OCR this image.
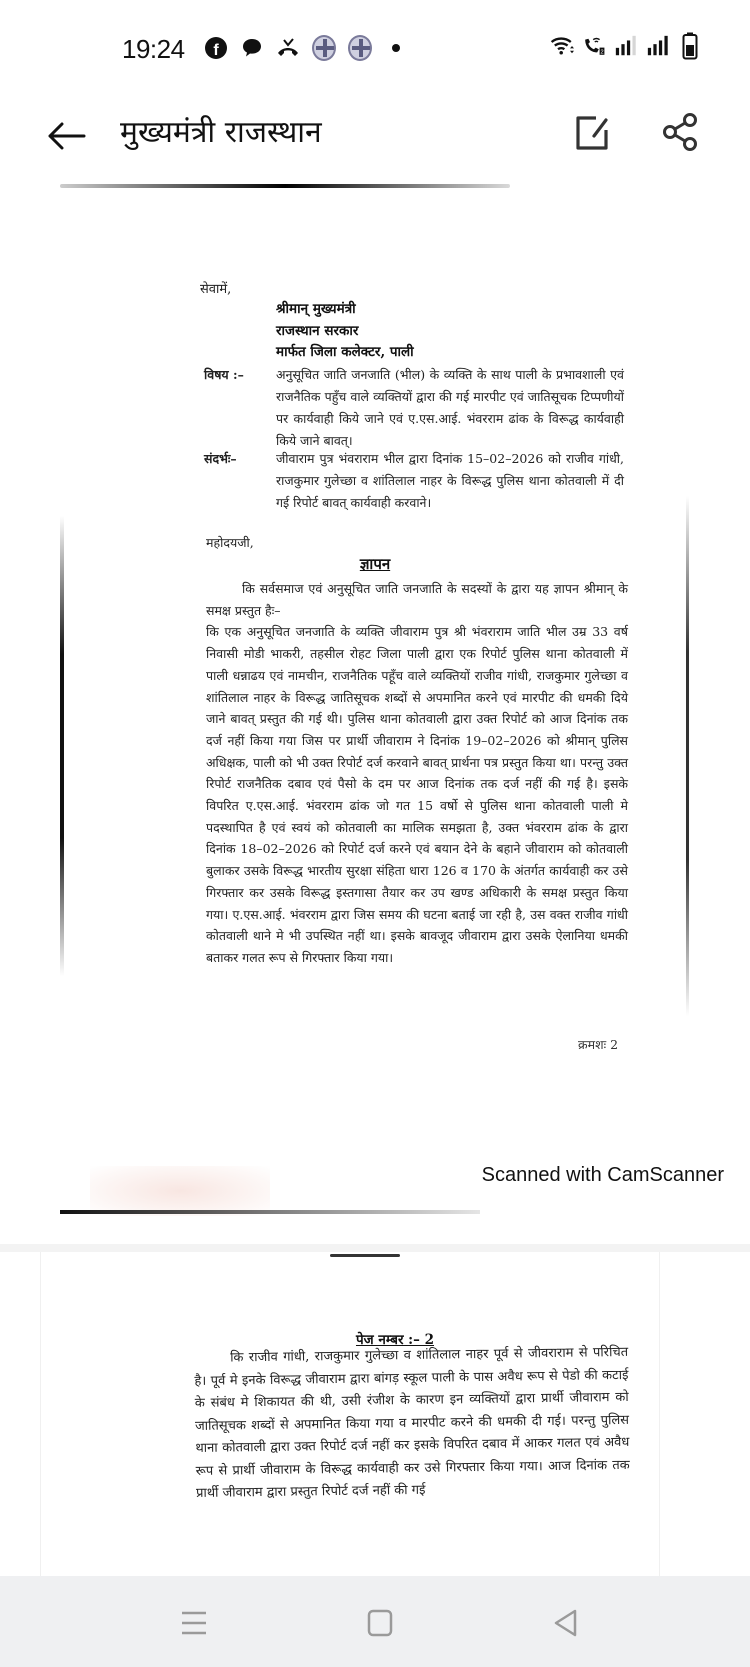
19:24	f	2
मुख्यमंत्री राजस्थान
सेवामें,
श्रीमान् मुख्यमंत्री
राजस्थान सरकार
मार्फत जिला कलेक्टर, पाली
विषय :–	अनुसूचित जाति जनजाति (भील) के व्यक्ति के साथ पाली के प्रभावशाली एवं राजनैतिक पहुँच वाले व्यक्तियों द्वारा की गई मारपीट एवं जातिसूचक टिप्पणीयों पर कार्यवाही किये जाने एवं ए.एस.आई. भंवरराम ढांक के विरूद्ध कार्यवाही किये जाने बावत्।
संदर्भः–	जीवाराम पुत्र भंवराराम भील द्वारा दिनांक 15–02–2026 को राजीव गांधी, राजकुमार गुलेच्छा व शांतिलाल नाहर के विरूद्ध पुलिस थाना कोतवाली में दी गई रिपोर्ट बावत् कार्यवाही करवाने।
महोदयजी,
ज्ञापन

कि सर्वसमाज एवं अनुसूचित जाति जनजाति के सदस्यों के द्वारा यह ज्ञापन श्रीमान् के समक्ष प्रस्तुत हैः–

कि एक अनुसूचित जनजाति के व्यक्ति जीवाराम पुत्र श्री भंवराराम जाति भील उम्र 33 वर्ष निवासी मोडी भाकरी, तहसील रोहट जिला पाली द्वारा एक रिपोर्ट पुलिस थाना कोतवाली में पाली धन्नाढय एवं नामचीन, राजनैतिक पहूँच वाले व्यक्तियों राजीव गांधी, राजकुमार गुलेच्छा व शांतिलाल नाहर के विरूद्ध जातिसूचक शब्दों से अपमानित करने एवं मारपीट की धमकी दिये जाने बावत् प्रस्तुत की गई थी। पुलिस थाना कोतवाली द्वारा उक्त रिपोर्ट को आज दिनांक तक दर्ज नहीं किया गया जिस पर प्रार्थी जीवाराम ने दिनांक 19–02–2026 को श्रीमान् पुलिस अधिक्षक, पाली को भी उक्त रिपोर्ट दर्ज करवाने बावत् प्रार्थना पत्र प्रस्तुत किया था। परन्तु उक्त रिपोर्ट राजनैतिक दबाव एवं पैसो के दम पर आज दिनांक तक दर्ज नहीं की गई है। इसके विपरित ए.एस.आई. भंवरराम ढांक जो गत 15 वर्षो से पुलिस थाना कोतवाली पाली मे पदस्थापित है एवं स्वयं को कोतवाली का मालिक समझता है, उक्त भंवरराम ढांक के द्वारा दिनांक 18–02–2026 को रिपोर्ट दर्ज करने एवं बयान देने के बहाने जीवाराम को कोतवाली बुलाकर उसके विरूद्ध भारतीय सुरक्षा संहिता धारा 126 व 170 के अंतर्गत कार्यवाही कर उसे गिरफ्तार कर उसके विरूद्ध इस्तगासा तैयार कर उप खण्ड अधिकारी के समक्ष प्रस्तुत किया गया। ए.एस.आई. भंवरराम द्वारा जिस समय की घटना बताई जा रही है, उस वक्त राजीव गांधी कोतवाली थाने मे भी उपस्थित नहीं था। इसके बावजूद जीवाराम द्वारा उसके ऐलानिया धमकी बताकर गलत रूप से गिरफ्तार किया गया।

क्रमशः 2
Scanned with CamScanner
पेज नम्बर :– 2

कि राजीव गांधी, राजकुमार गुलेच्छा व शांतिलाल नाहर पूर्व से जीवराराम से परिचित है। पूर्व मे इनके विरूद्ध जीवाराम द्वारा बांगड़ स्कूल पाली के पास अवैध रूप से पेडो की कटाई के संबंध मे शिकायत की थी, उसी रंजीश के कारण इन व्यक्तियों द्वारा प्रार्थी जीवाराम को जातिसूचक शब्दों से अपमानित किया गया व मारपीट करने की धमकी दी गई। परन्तु पुलिस थाना कोतवाली द्वारा उक्त रिपोर्ट दर्ज नहीं कर इसके विपरित दबाव में आकर गलत एवं अवैध रूप से प्रार्थी जीवाराम के विरूद्ध कार्यवाही कर उसे गिरफ्तार किया गया। आज दिनांक तक प्रार्थी जीवाराम द्वारा प्रस्तुत रिपोर्ट दर्ज नहीं की गई
